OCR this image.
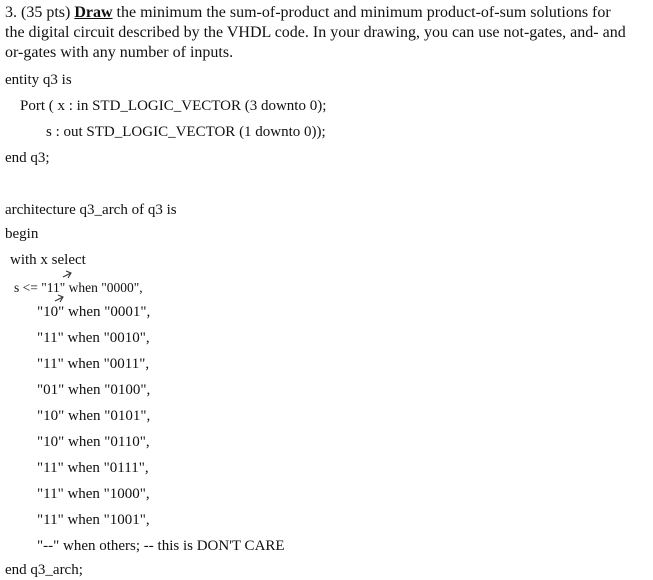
3. (35 pts) Draw the minimum the sum-of-product and minimum product-of-sum solutions for
the digital circuit described by the VHDL code. In your drawing, you can use not-gates, and- and
or-gates with any number of inputs.
entity q3 is
Port ( x : in STD_LOGIC_VECTOR (3 downto 0);
s : out STD_LOGIC_VECTOR (1 downto 0));
end q3;
architecture q3_arch of q3 is
begin
with x select
s <= "11" when "0000",
"10" when "0001",
"11" when "0010",
"11" when "0011",
"01" when "0100",
"10" when "0101",
"10" when "0110",
"11" when "0111",
"11" when "1000",
"11" when "1001",
"--" when others; -- this is DON'T CARE
end q3_arch;
